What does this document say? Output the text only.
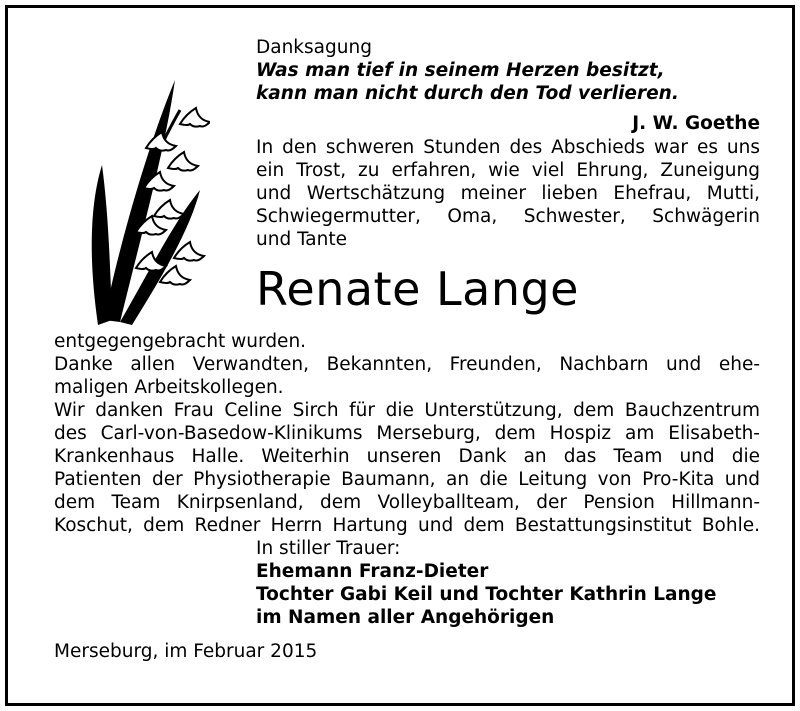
Danksagung
Was man tief in seinem Herzen besitzt,
kann man nicht durch den Tod verlieren.
J. W. Goethe
In den schweren Stunden des Abschieds war es uns
ein Trost, zu erfahren, wie viel Ehrung, Zuneigung
und Wertschätzung meiner lieben Ehefrau, Mutti,
Schwiegermutter, Oma, Schwester, Schwägerin
und Tante
Renate Lange
entgegengebracht wurden.
Danke allen Verwandten, Bekannten, Freunden, Nachbarn und ehe-
maligen Arbeitskollegen.
Wir danken Frau Celine Sirch für die Unterstützung, dem Bauchzentrum
des Carl-von-Basedow-Klinikums Merseburg, dem Hospiz am Elisabeth-
Krankenhaus Halle. Weiterhin unseren Dank an das Team und die
Patienten der Physiotherapie Baumann, an die Leitung von Pro-Kita und
dem Team Knirpsenland, dem Volleyballteam, der Pension Hillmann-
Koschut, dem Redner Herrn Hartung und dem Bestattungsinstitut Bohle.
In stiller Trauer:
Ehemann Franz-Dieter
Tochter Gabi Keil und Tochter Kathrin Lange
im Namen aller Angehörigen
Merseburg, im Februar 2015
